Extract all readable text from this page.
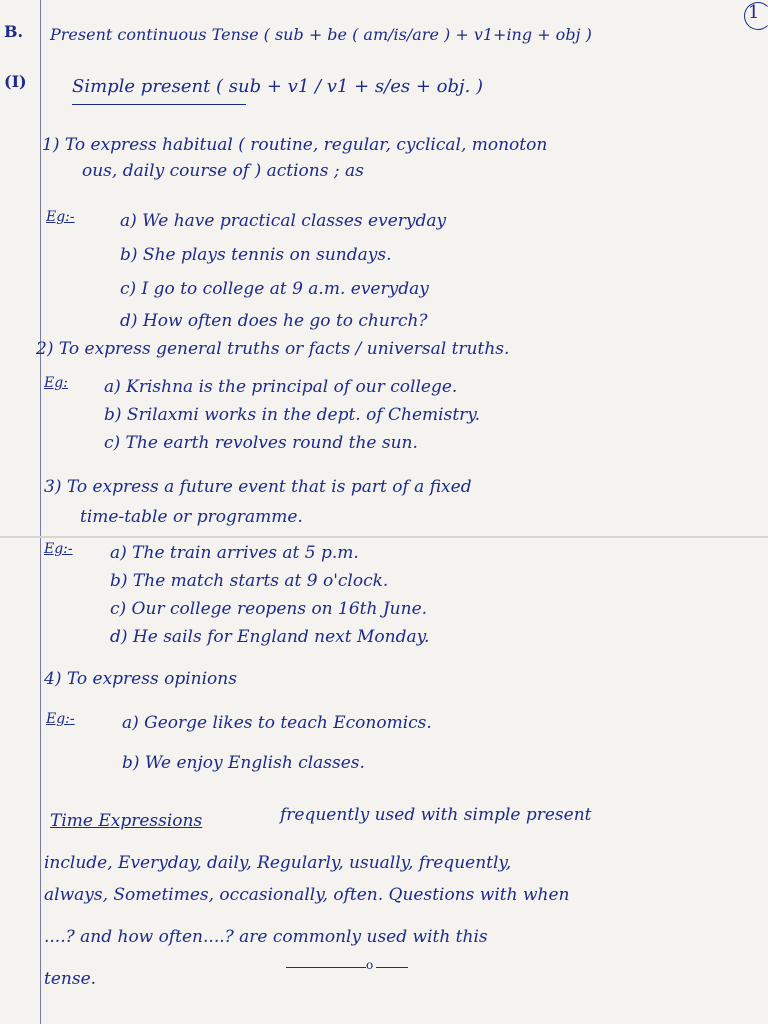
1
B. Present continuous Tense ( sub + be ( am/is/are ) + v1+ing + obj )
(I)	Simple present ( sub + v1 / v1 + s/es + obj. )
1) To express habitual ( routine, regular, cyclical, monoton
ous, daily course of ) actions ; as
Eg:-	a) We have practical classes everyday
b) She plays tennis on sundays.
c) I go to college at 9 a.m. everyday
d) How often does he go to church?
2) To express general truths or facts / universal truths.
Eg: a) Krishna is the principal of our college.
b) Srilaxmi works in the dept. of Chemistry.
c) The earth revolves round the sun.
3) To express a future event that is part of a fixed
time-table or programme.
Eg:- a) The train arrives at 5 p.m.
b) The match starts at 9 o'clock.
c) Our college reopens on 16th June.
d) He sails for England next Monday.
4) To express opinions
Eg:-	a) George likes to teach Economics.
b) We enjoy English classes.
Time Expressions	frequently used with simple present
include, Everyday, daily, Regularly, usually, frequently,
always, Sometimes, occasionally, often. Questions with when
....? and how often....? are commonly used with this
tense.
o
